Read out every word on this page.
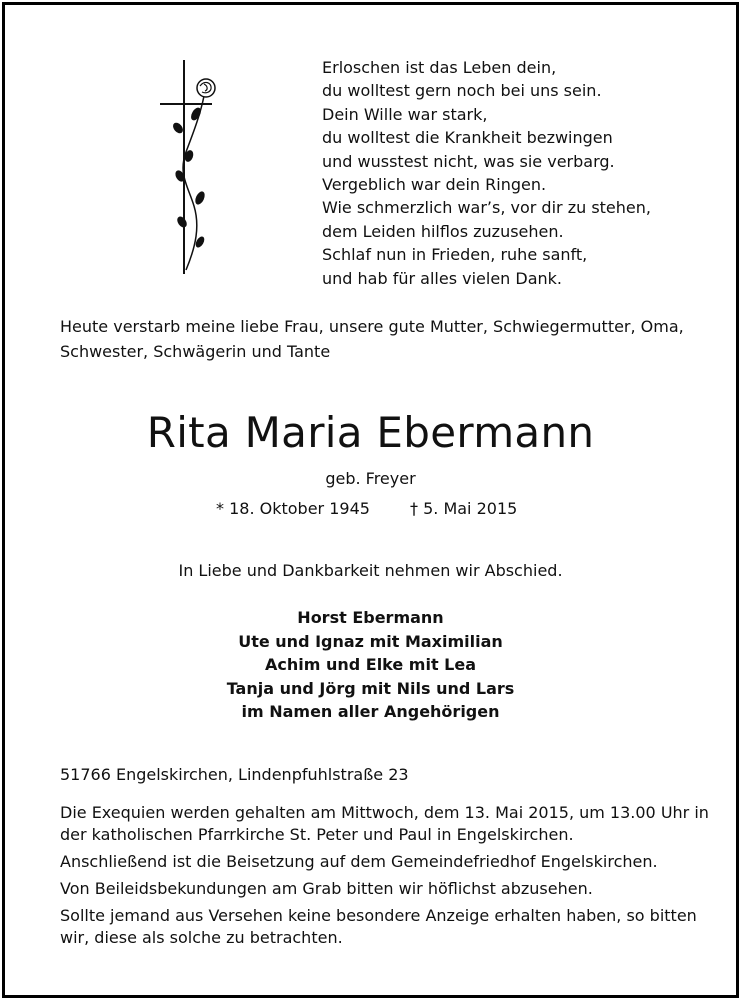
Erloschen ist das Leben dein,
du wolltest gern noch bei uns sein.
Dein Wille war stark,
du wolltest die Krankheit bezwingen
und wusstest nicht, was sie verbarg.
Vergeblich war dein Ringen.
Wie schmerzlich war’s, vor dir zu stehen,
dem Leiden hilflos zuzusehen.
Schlaf nun in Frieden, ruhe sanft,
und hab für alles vielen Dank.
Heute verstarb meine liebe Frau, unsere gute Mutter, Schwiegermutter, Oma,
Schwester, Schwägerin und Tante
Rita Maria Ebermann
geb. Freyer
* 18. Oktober 1945	† 5. Mai 2015
In Liebe und Dankbarkeit nehmen wir Abschied.
Horst Ebermann
Ute und Ignaz mit Maximilian
Achim und Elke mit Lea
Tanja und Jörg mit Nils und Lars
im Namen aller Angehörigen
51766 Engelskirchen, Lindenpfuhlstraße 23

Die Exequien werden gehalten am Mittwoch, dem 13. Mai 2015, um 13.00 Uhr in der katholischen Pfarrkirche St. Peter und Paul in Engelskirchen.

Anschließend ist die Beisetzung auf dem Gemeindefriedhof Engelskirchen.

Von Beileidsbekundungen am Grab bitten wir höflichst abzusehen.

Sollte jemand aus Versehen keine besondere Anzeige erhalten haben, so bitten wir, diese als solche zu betrachten.
